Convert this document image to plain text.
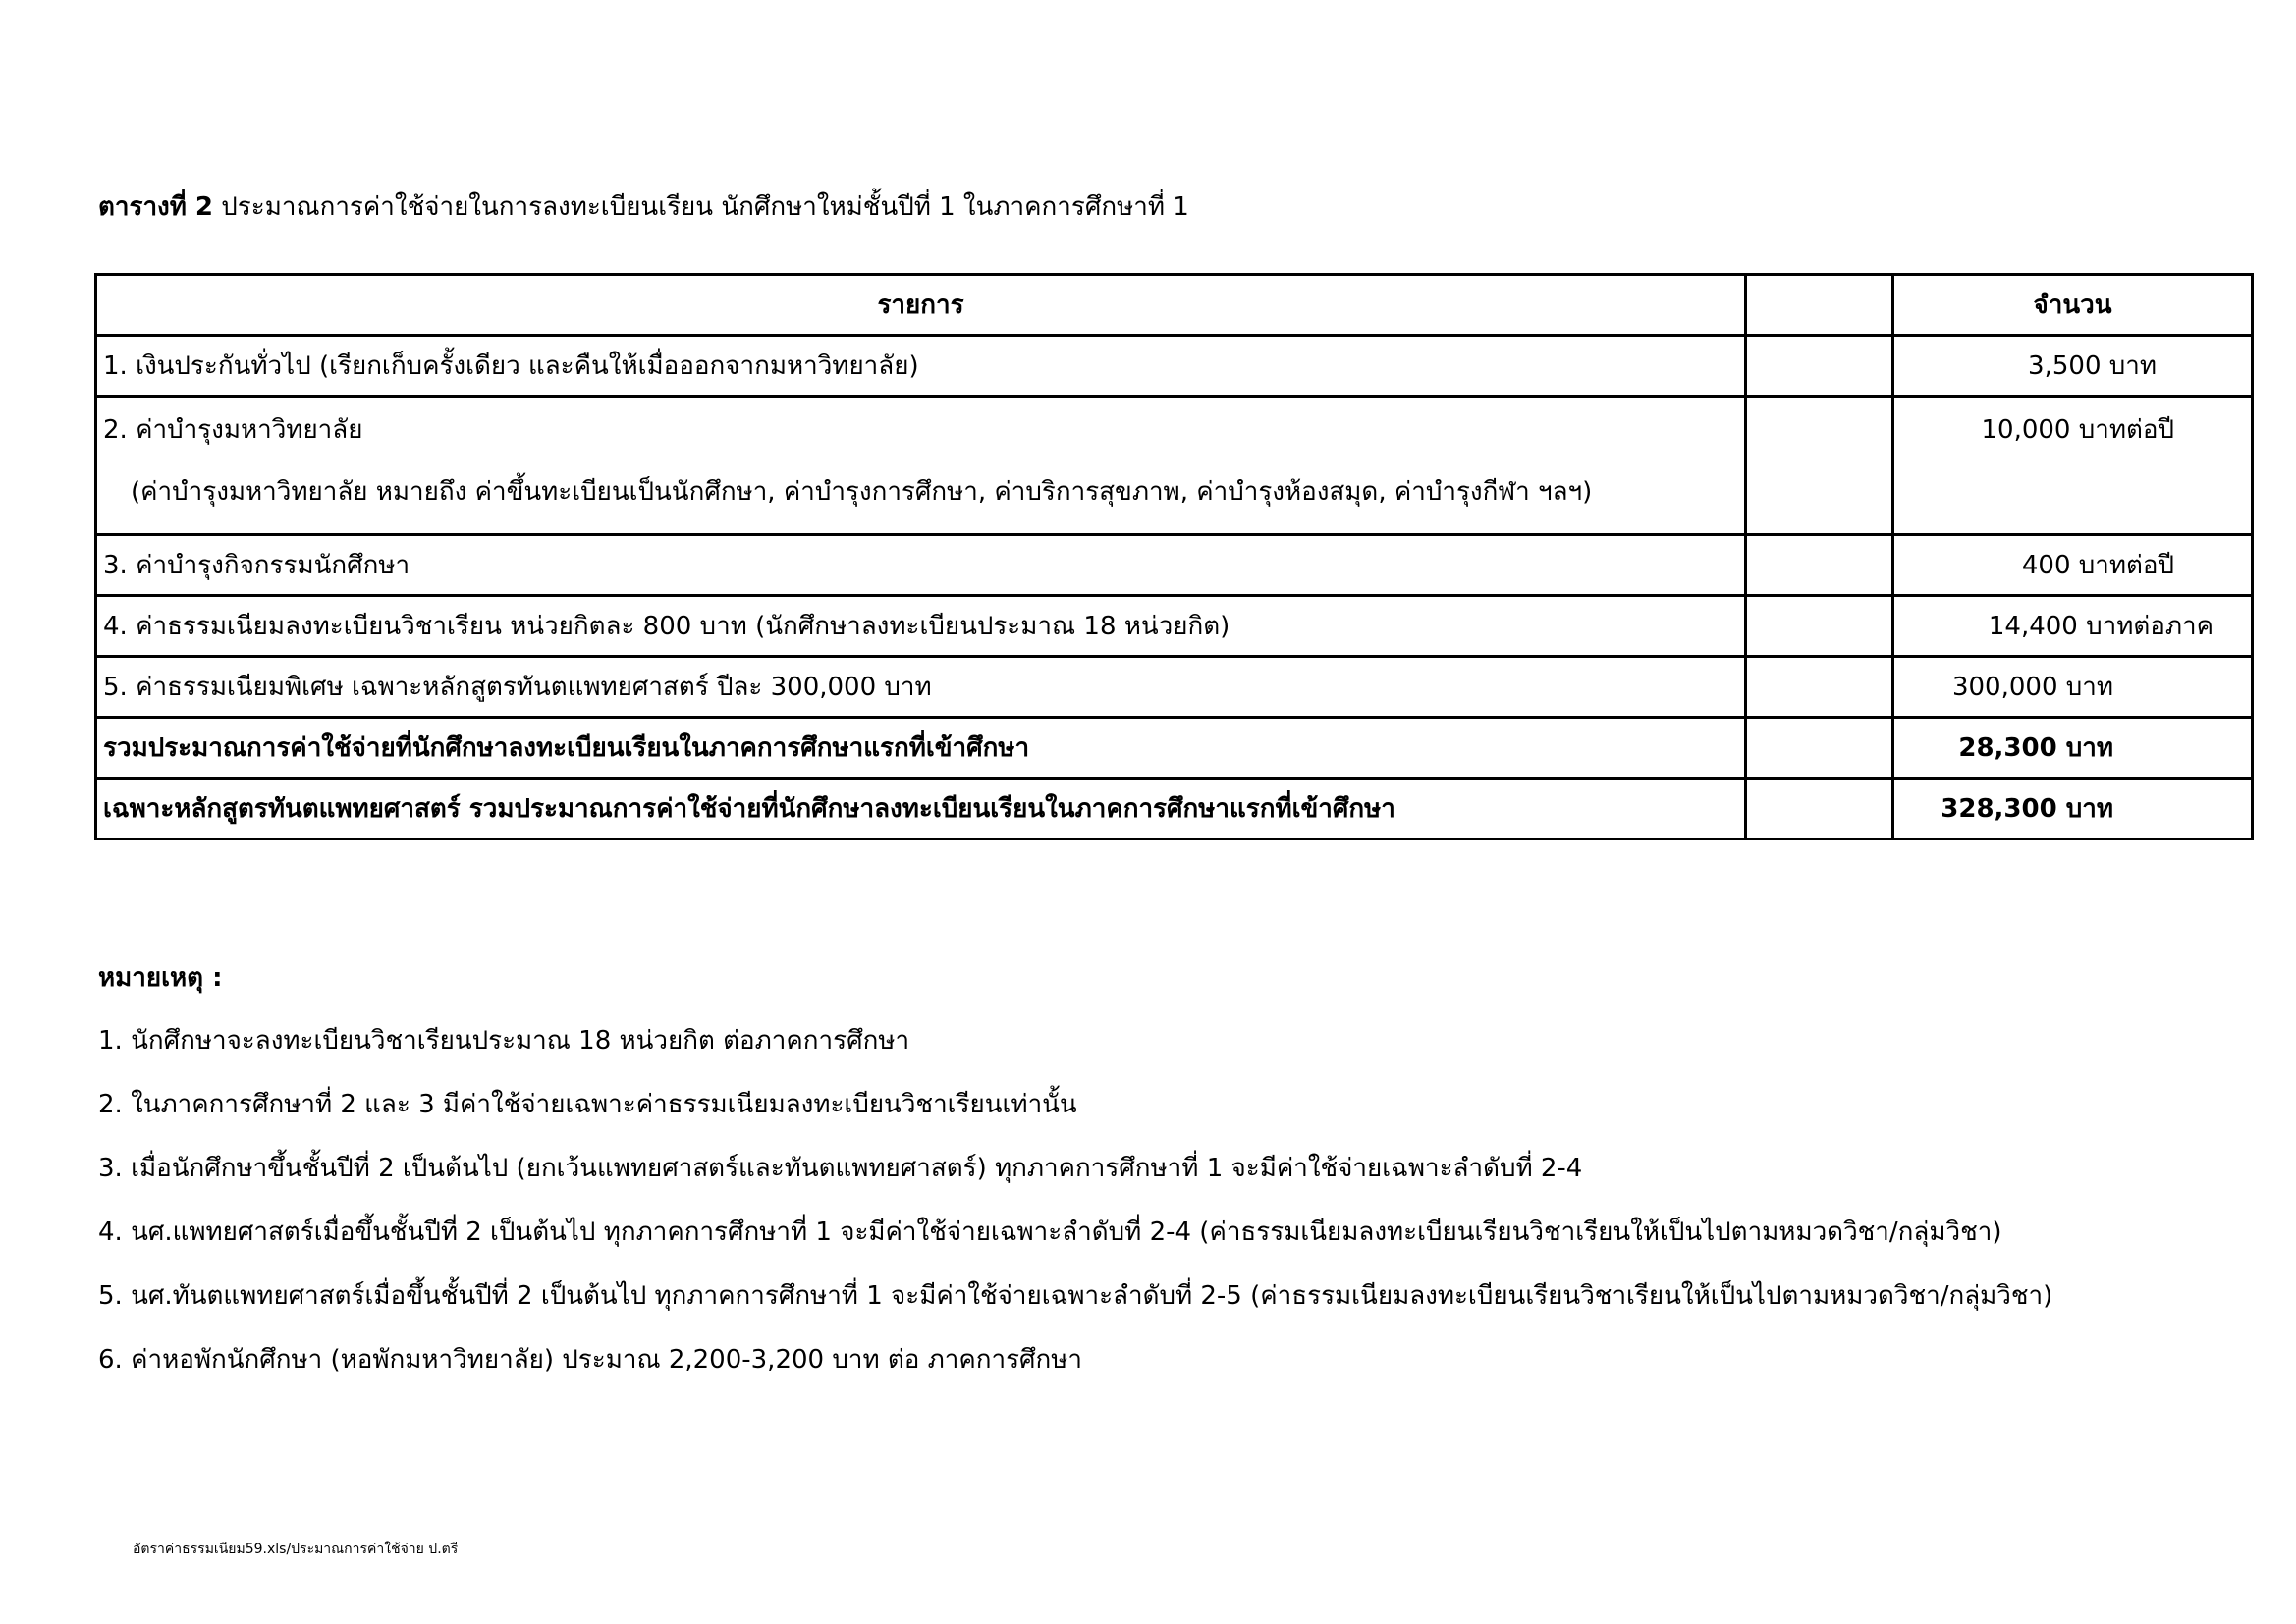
ตารางที่ 2 ประมาณการค่าใช้จ่ายในการลงทะเบียนเรียน นักศึกษาใหม่ชั้นปีที่ 1 ในภาคการศึกษาที่ 1
รายการ		จำนวน
1. เงินประกันทั่วไป (เรียกเก็บครั้งเดียว และคืนให้เมื่อออกจากมหาวิทยาลัย)		3,500 บาท
2. ค่าบำรุงมหาวิทยาลัย
(ค่าบำรุงมหาวิทยาลัย หมายถึง ค่าขึ้นทะเบียนเป็นนักศึกษา, ค่าบำรุงการศึกษา, ค่าบริการสุขภาพ, ค่าบำรุงห้องสมุด, ค่าบำรุงกีฬา ฯลฯ)		10,000 บาทต่อปี
3. ค่าบำรุงกิจกรรมนักศึกษา		400 บาทต่อปี
4. ค่าธรรมเนียมลงทะเบียนวิชาเรียน หน่วยกิตละ 800 บาท (นักศึกษาลงทะเบียนประมาณ 18 หน่วยกิต)		14,400 บาทต่อภาค
5. ค่าธรรมเนียมพิเศษ เฉพาะหลักสูตรทันตแพทยศาสตร์ ปีละ 300,000 บาท		300,000 บาท
รวมประมาณการค่าใช้จ่ายที่นักศึกษาลงทะเบียนเรียนในภาคการศึกษาแรกที่เข้าศึกษา		28,300 บาท
เฉพาะหลักสูตรทันตแพทยศาสตร์ รวมประมาณการค่าใช้จ่ายที่นักศึกษาลงทะเบียนเรียนในภาคการศึกษาแรกที่เข้าศึกษา		328,300 บาท
หมายเหตุ :
1. นักศึกษาจะลงทะเบียนวิชาเรียนประมาณ 18 หน่วยกิต ต่อภาคการศึกษา
2. ในภาคการศึกษาที่ 2 และ 3 มีค่าใช้จ่ายเฉพาะค่าธรรมเนียมลงทะเบียนวิชาเรียนเท่านั้น
3. เมื่อนักศึกษาขึ้นชั้นปีที่ 2 เป็นต้นไป (ยกเว้นแพทยศาสตร์และทันตแพทยศาสตร์) ทุกภาคการศึกษาที่ 1 จะมีค่าใช้จ่ายเฉพาะลำดับที่ 2-4
4. นศ.แพทยศาสตร์เมื่อขึ้นชั้นปีที่ 2 เป็นต้นไป ทุกภาคการศึกษาที่ 1 จะมีค่าใช้จ่ายเฉพาะลำดับที่ 2-4 (ค่าธรรมเนียมลงทะเบียนเรียนวิชาเรียนให้เป็นไปตามหมวดวิชา/กลุ่มวิชา)
5. นศ.ทันตแพทยศาสตร์เมื่อขึ้นชั้นปีที่ 2 เป็นต้นไป ทุกภาคการศึกษาที่ 1 จะมีค่าใช้จ่ายเฉพาะลำดับที่ 2-5 (ค่าธรรมเนียมลงทะเบียนเรียนวิชาเรียนให้เป็นไปตามหมวดวิชา/กลุ่มวิชา)
6. ค่าหอพักนักศึกษา (หอพักมหาวิทยาลัย) ประมาณ 2,200-3,200 บาท ต่อ ภาคการศึกษา
อัตราค่าธรรมเนียม59.xls/ประมาณการค่าใช้จ่าย ป.ตรี
